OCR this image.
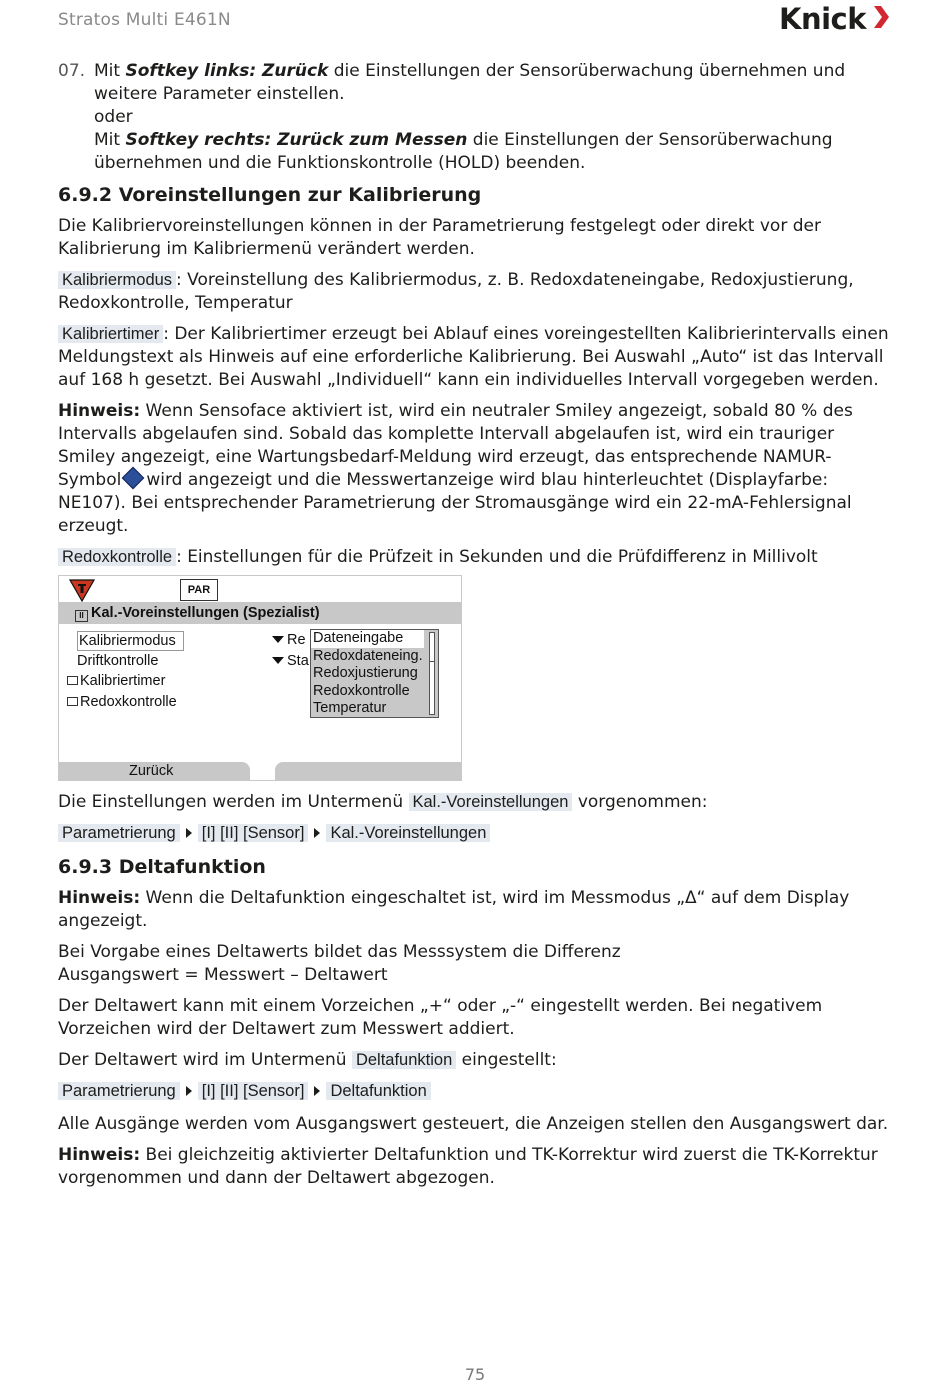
Stratos Multi E461N	Knick
07. Mit Softkey links: Zurück die Einstellungen der Sensorüberwachung übernehmen und weitere Parameter einstellen.

oder

Mit Softkey rechts: Zurück zum Messen die Einstellungen der Sensorüberwachung übernehmen und die Funktionskontrolle (HOLD) beenden.

6.9.2 Voreinstellungen zur Kalibrierung

Die Kalibriervoreinstellungen können in der Parametrierung festgelegt oder direkt vor der Kalibrierung im Kalibriermenü verändert werden.

Kalibriermodus : Voreinstellung des Kalibriermodus, z. B. Redoxdateneingabe, Redoxjustierung, Redoxkontrolle, Temperatur

Kalibriertimer : Der Kalibriertimer erzeugt bei Ablauf eines voreingestellten Kalibrierintervalls einen Meldungstext als Hinweis auf eine erforderliche Kalibrierung. Bei Auswahl „Auto“ ist das Intervall auf 168 h gesetzt. Bei Auswahl „Individuell“ kann ein individuelles Intervall vorgegeben werden.

Hinweis: Wenn Sensoface aktiviert ist, wird ein neutraler Smiley angezeigt, sobald 80 % des Intervalls abgelaufen sind. Sobald das komplette Intervall abgelaufen ist, wird ein trauriger Smiley angezeigt, eine Wartungsbedarf-Meldung wird erzeugt, das entsprechende NAMUR-Symbol wird angezeigt und die Messwertanzeige wird blau hinterleuchtet (Displayfarbe: NE107). Bei entsprechender Parametrierung der Stromausgänge wird ein 22-mA-Fehlersignal erzeugt.

Redoxkontrolle : Einstellungen für die Prüfzeit in Sekunden und die Prüfdifferenz in Millivolt

PAR
II Kal.-Voreinstellungen (Spezialist)
Kalibriermodus
Driftkontrolle
Kalibriertimer
Redoxkontrolle
Re
Sta
Dateneingabe
Redoxdateneing.
Redoxjustierung
Redoxkontrolle
Temperatur
Zurück

Die Einstellungen werden im Untermenü Kal.-Voreinstellungen vorgenommen:

Parametrierung [I] [II] [Sensor] Kal.-Voreinstellungen

6.9.3 Deltafunktion

Hinweis: Wenn die Deltafunktion eingeschaltet ist, wird im Messmodus „Δ“ auf dem Display angezeigt.

Bei Vorgabe eines Deltawerts bildet das Messsystem die Differenz

Ausgangswert = Messwert – Deltawert

Der Deltawert kann mit einem Vorzeichen „+“ oder „-“ eingestellt werden. Bei negativem Vorzeichen wird der Deltawert zum Messwert addiert.

Der Deltawert wird im Untermenü Deltafunktion eingestellt:

Parametrierung [I] [II] [Sensor] Deltafunktion

Alle Ausgänge werden vom Ausgangswert gesteuert, die Anzeigen stellen den Ausgangswert dar.

Hinweis: Bei gleichzeitig aktivierter Deltafunktion und TK-Korrektur wird zuerst die TK-Korrektur vorgenommen und dann der Deltawert abgezogen.

75
